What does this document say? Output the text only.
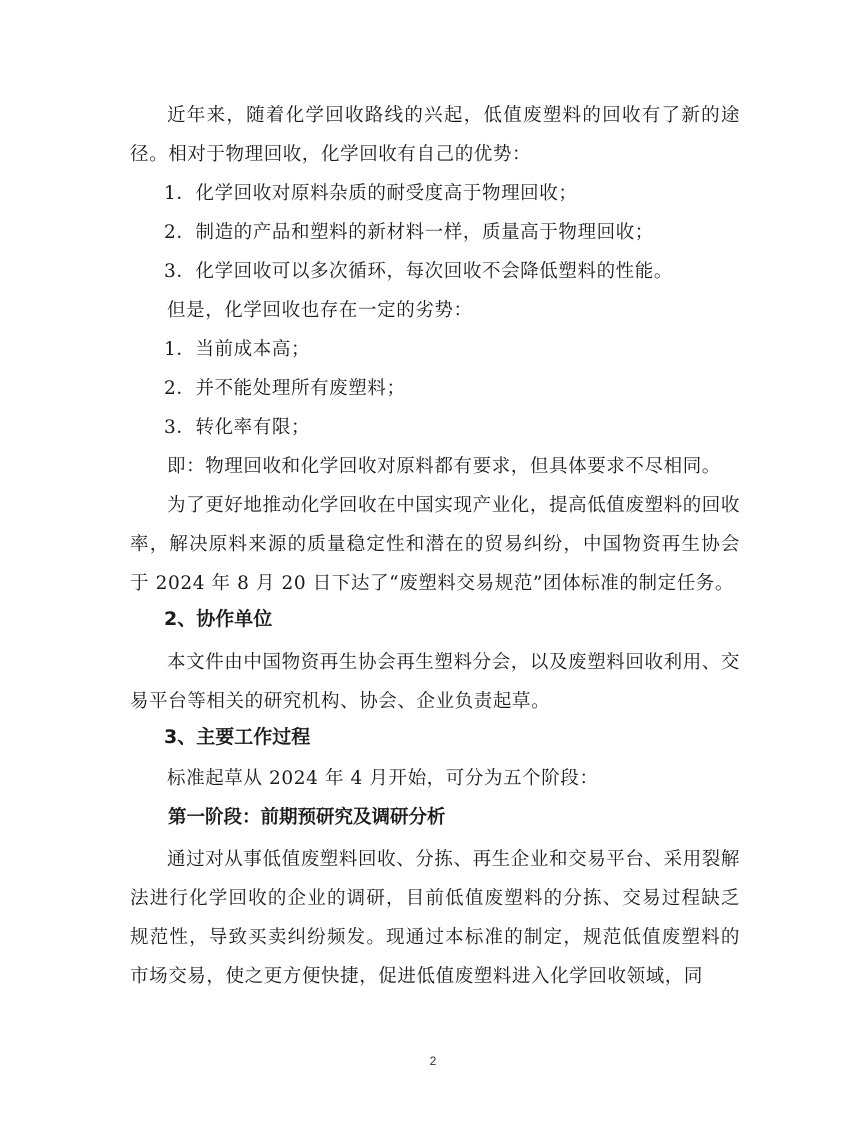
近年来，随着化学回收路线的兴起，低值废塑料的回收有了新的途径。相对于物理回收，化学回收有自己的优势：

1．化学回收对原料杂质的耐受度高于物理回收；

2．制造的产品和塑料的新材料一样，质量高于物理回收；

3．化学回收可以多次循环，每次回收不会降低塑料的性能。

但是，化学回收也存在一定的劣势：

1．当前成本高；

2．并不能处理所有废塑料；

3．转化率有限；

即：物理回收和化学回收对原料都有要求，但具体要求不尽相同。

为了更好地推动化学回收在中国实现产业化，提高低值废塑料的回收率，解决原料来源的质量稳定性和潜在的贸易纠纷，中国物资再生协会于 2024 年 8 月 20 日下达了“废塑料交易规范”团体标准的制定任务。

2、协作单位

本文件由中国物资再生协会再生塑料分会，以及废塑料回收利用、交易平台等相关的研究机构、协会、企业负责起草。

3、主要工作过程

标准起草从 2024 年 4 月开始，可分为五个阶段：

第一阶段：前期预研究及调研分析

通过对从事低值废塑料回收、分拣、再生企业和交易平台、采用裂解法进行化学回收的企业的调研，目前低值废塑料的分拣、交易过程缺乏规范性，导致买卖纠纷频发。现通过本标准的制定，规范低值废塑料的市场交易，使之更方便快捷，促进低值废塑料进入化学回收领域，同

2
